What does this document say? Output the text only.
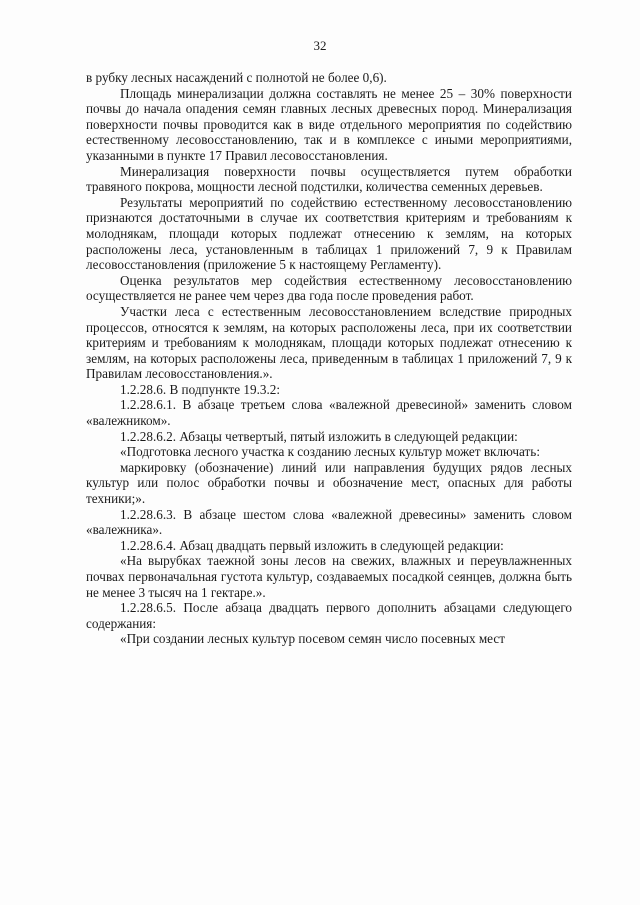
32

в рубку лесных насаждений с полнотой не более 0,6).

Площадь минерализации должна составлять не менее 25 – 30% поверхности почвы до начала опадения семян главных лесных древесных пород. Минерализация поверхности почвы проводится как в виде отдельного мероприятия по содействию естественному лесовосстановлению, так и в комплексе с иными мероприятиями, указанными в пункте 17 Правил лесовосстановления.

Минерализация поверхности почвы осуществляется путем обработки травяного покрова, мощности лесной подстилки, количества семенных деревьев.

Результаты мероприятий по содействию естественному лесовосстановлению признаются достаточными в случае их соответствия критериям и требованиям к молоднякам, площади которых подлежат отнесению к землям, на которых расположены леса, установленным в таблицах 1 приложений 7, 9 к Правилам лесовосстановления (приложение 5 к настоящему Регламенту).

Оценка результатов мер содействия естественному лесовосстановлению осуществляется не ранее чем через два года после проведения работ.

Участки леса с естественным лесовосстановлением вследствие природных процессов, относятся к землям, на которых расположены леса, при их соответствии критериям и требованиям к молоднякам, площади которых подлежат отнесению к землям, на которых расположены леса, приведенным в таблицах 1 приложений 7, 9 к Правилам лесовосстановления.».

1.2.28.6. В подпункте 19.3.2:

1.2.28.6.1. В абзаце третьем слова «валежной древесиной» заменить словом «валежником».

1.2.28.6.2. Абзацы четвертый, пятый изложить в следующей редакции:

«Подготовка лесного участка к созданию лесных культур может включать:

маркировку (обозначение) линий или направления будущих рядов лесных культур или полос обработки почвы и обозначение мест, опасных для работы техники;».

1.2.28.6.3. В абзаце шестом слова «валежной древесины» заменить словом «валежника».

1.2.28.6.4. Абзац двадцать первый изложить в следующей редакции:

«На вырубках таежной зоны лесов на свежих, влажных и переувлажненных почвах первоначальная густота культур, создаваемых посадкой сеянцев, должна быть не менее 3 тысяч на 1 гектаре.».

1.2.28.6.5. После абзаца двадцать первого дополнить абзацами следующего содержания:

«При создании лесных культур посевом семян число посевных мест
